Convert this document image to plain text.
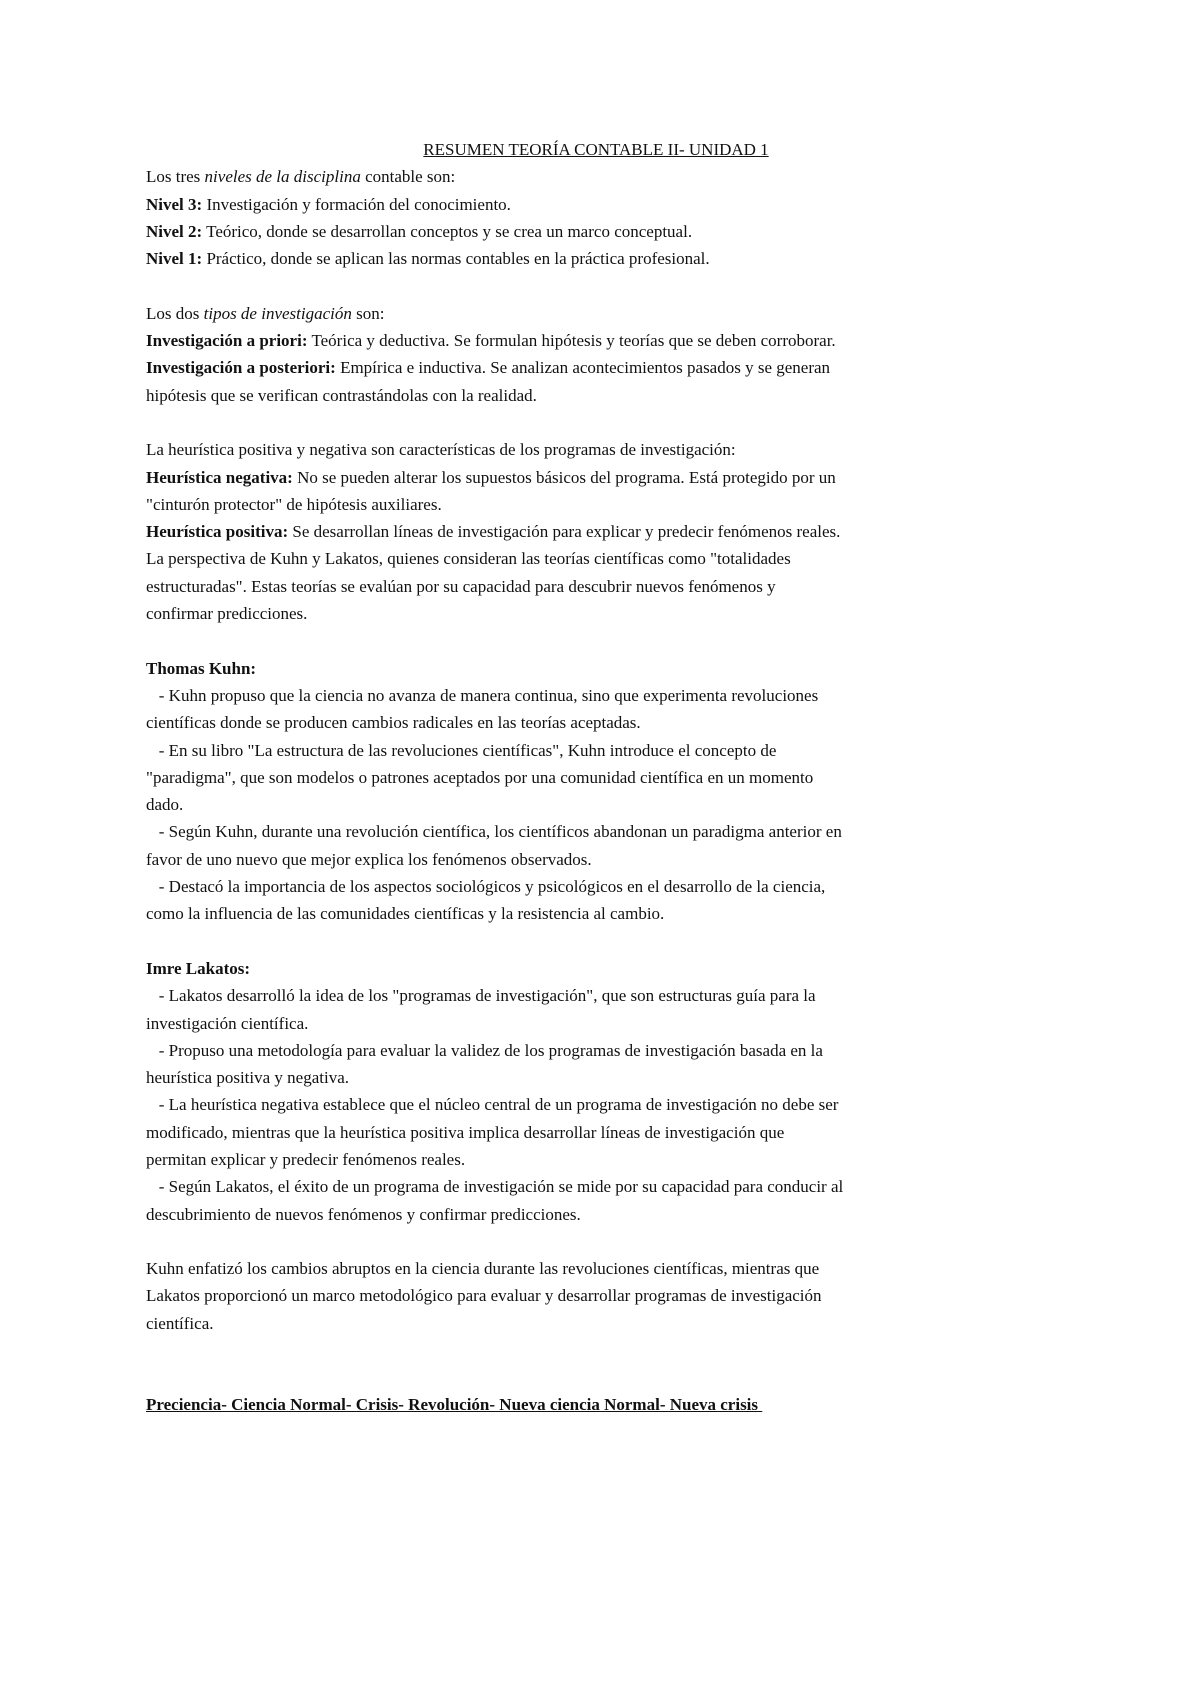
RESUMEN TEORÍA CONTABLE II- UNIDAD 1
Los tres niveles de la disciplina contable son:
Nivel 3: Investigación y formación del conocimiento.
Nivel 2: Teórico, donde se desarrollan conceptos y se crea un marco conceptual.
Nivel 1: Práctico, donde se aplican las normas contables en la práctica profesional.
Los dos tipos de investigación son:
Investigación a priori: Teórica y deductiva. Se formulan hipótesis y teorías que se deben corroborar.
Investigación a posteriori: Empírica e inductiva. Se analizan acontecimientos pasados y se generan
hipótesis que se verifican contrastándolas con la realidad.
La heurística positiva y negativa son características de los programas de investigación:
Heurística negativa: No se pueden alterar los supuestos básicos del programa. Está protegido por un
"cinturón protector" de hipótesis auxiliares.
Heurística positiva: Se desarrollan líneas de investigación para explicar y predecir fenómenos reales.
La perspectiva de Kuhn y Lakatos, quienes consideran las teorías científicas como "totalidades
estructuradas". Estas teorías se evalúan por su capacidad para descubrir nuevos fenómenos y
confirmar predicciones.
Thomas Kuhn:
- Kuhn propuso que la ciencia no avanza de manera continua, sino que experimenta revoluciones
científicas donde se producen cambios radicales en las teorías aceptadas.
- En su libro "La estructura de las revoluciones científicas", Kuhn introduce el concepto de
"paradigma", que son modelos o patrones aceptados por una comunidad científica en un momento
dado.
- Según Kuhn, durante una revolución científica, los científicos abandonan un paradigma anterior en
favor de uno nuevo que mejor explica los fenómenos observados.
- Destacó la importancia de los aspectos sociológicos y psicológicos en el desarrollo de la ciencia,
como la influencia de las comunidades científicas y la resistencia al cambio.
Imre Lakatos:
- Lakatos desarrolló la idea de los "programas de investigación", que son estructuras guía para la
investigación científica.
- Propuso una metodología para evaluar la validez de los programas de investigación basada en la
heurística positiva y negativa.
- La heurística negativa establece que el núcleo central de un programa de investigación no debe ser
modificado, mientras que la heurística positiva implica desarrollar líneas de investigación que
permitan explicar y predecir fenómenos reales.
- Según Lakatos, el éxito de un programa de investigación se mide por su capacidad para conducir al
descubrimiento de nuevos fenómenos y confirmar predicciones.
Kuhn enfatizó los cambios abruptos en la ciencia durante las revoluciones científicas, mientras que
Lakatos proporcionó un marco metodológico para evaluar y desarrollar programas de investigación
científica.
Preciencia- Ciencia Normal- Crisis- Revolución- Nueva ciencia Normal- Nueva crisis
